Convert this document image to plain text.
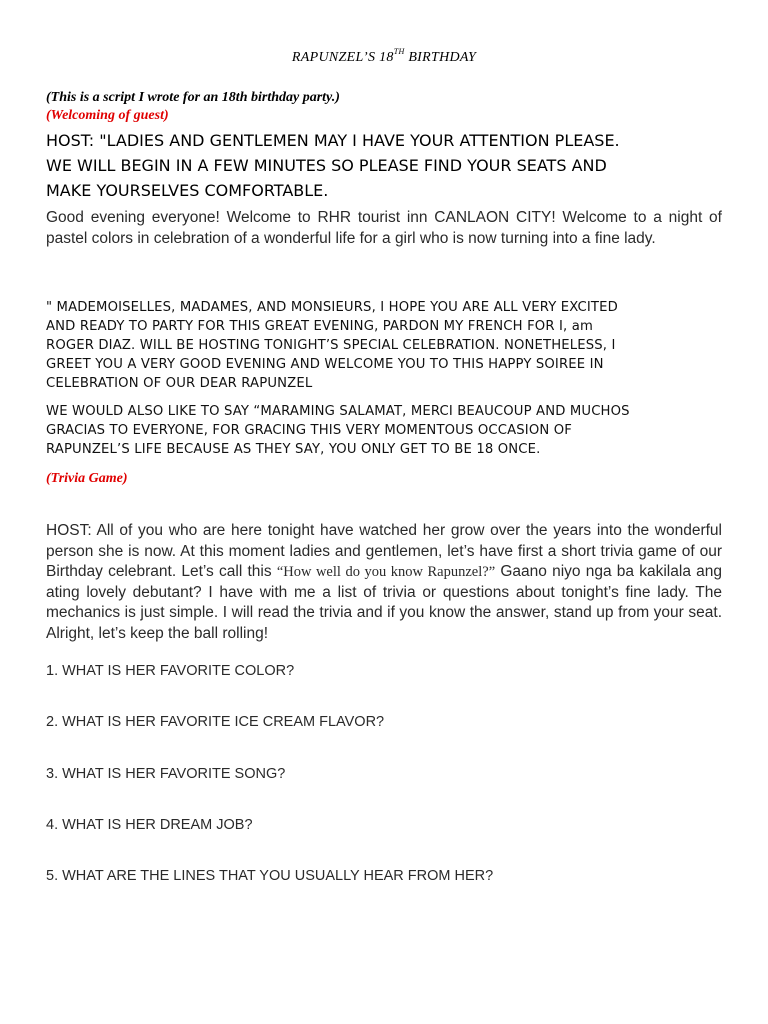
RAPUNZEL’S 18TH BIRTHDAY
(This is a script I wrote for an 18th birthday party.)
(Welcoming of guest)
HOST: "LADIES AND GENTLEMEN MAY I HAVE YOUR ATTENTION PLEASE.
WE WILL BEGIN IN A FEW MINUTES SO PLEASE FIND YOUR SEATS AND
MAKE YOURSELVES COMFORTABLE.
Good evening everyone! Welcome to RHR tourist inn CANLAON CITY! Welcome to a night of pastel colors in celebration of a wonderful life for a girl who is now turning into a fine lady.
" MADEMOISELLES, MADAMES, AND MONSIEURS, I HOPE YOU ARE ALL VERY EXCITED
AND READY TO PARTY FOR THIS GREAT EVENING, PARDON MY FRENCH FOR I, am
ROGER DIAZ. WILL BE HOSTING TONIGHT’S SPECIAL CELEBRATION. NONETHELESS, I
GREET YOU A VERY GOOD EVENING AND WELCOME YOU TO THIS HAPPY SOIREE IN
CELEBRATION OF OUR DEAR RAPUNZEL
WE WOULD ALSO LIKE TO SAY “MARAMING SALAMAT, MERCI BEAUCOUP AND MUCHOS
GRACIAS TO EVERYONE, FOR GRACING THIS VERY MOMENTOUS OCCASION OF
RAPUNZEL’S LIFE BECAUSE AS THEY SAY, YOU ONLY GET TO BE 18 ONCE.
(Trivia Game)
HOST: All of you who are here tonight have watched her grow over the years into the wonderful person she is now. At this moment ladies and gentlemen, let’s have first a short trivia game of our Birthday celebrant. Let’s call this “How well do you know Rapunzel?” Gaano niyo nga ba kakilala ang ating lovely debutant? I have with me a list of trivia or questions about tonight’s fine lady. The mechanics is just simple. I will read the trivia and if you know the answer, stand up from your seat. Alright, let’s keep the ball rolling!
1. WHAT IS HER FAVORITE COLOR?
2. WHAT IS HER FAVORITE ICE CREAM FLAVOR?
3. WHAT IS HER FAVORITE SONG?
4. WHAT IS HER DREAM JOB?
5. WHAT ARE THE LINES THAT YOU USUALLY HEAR FROM HER?
